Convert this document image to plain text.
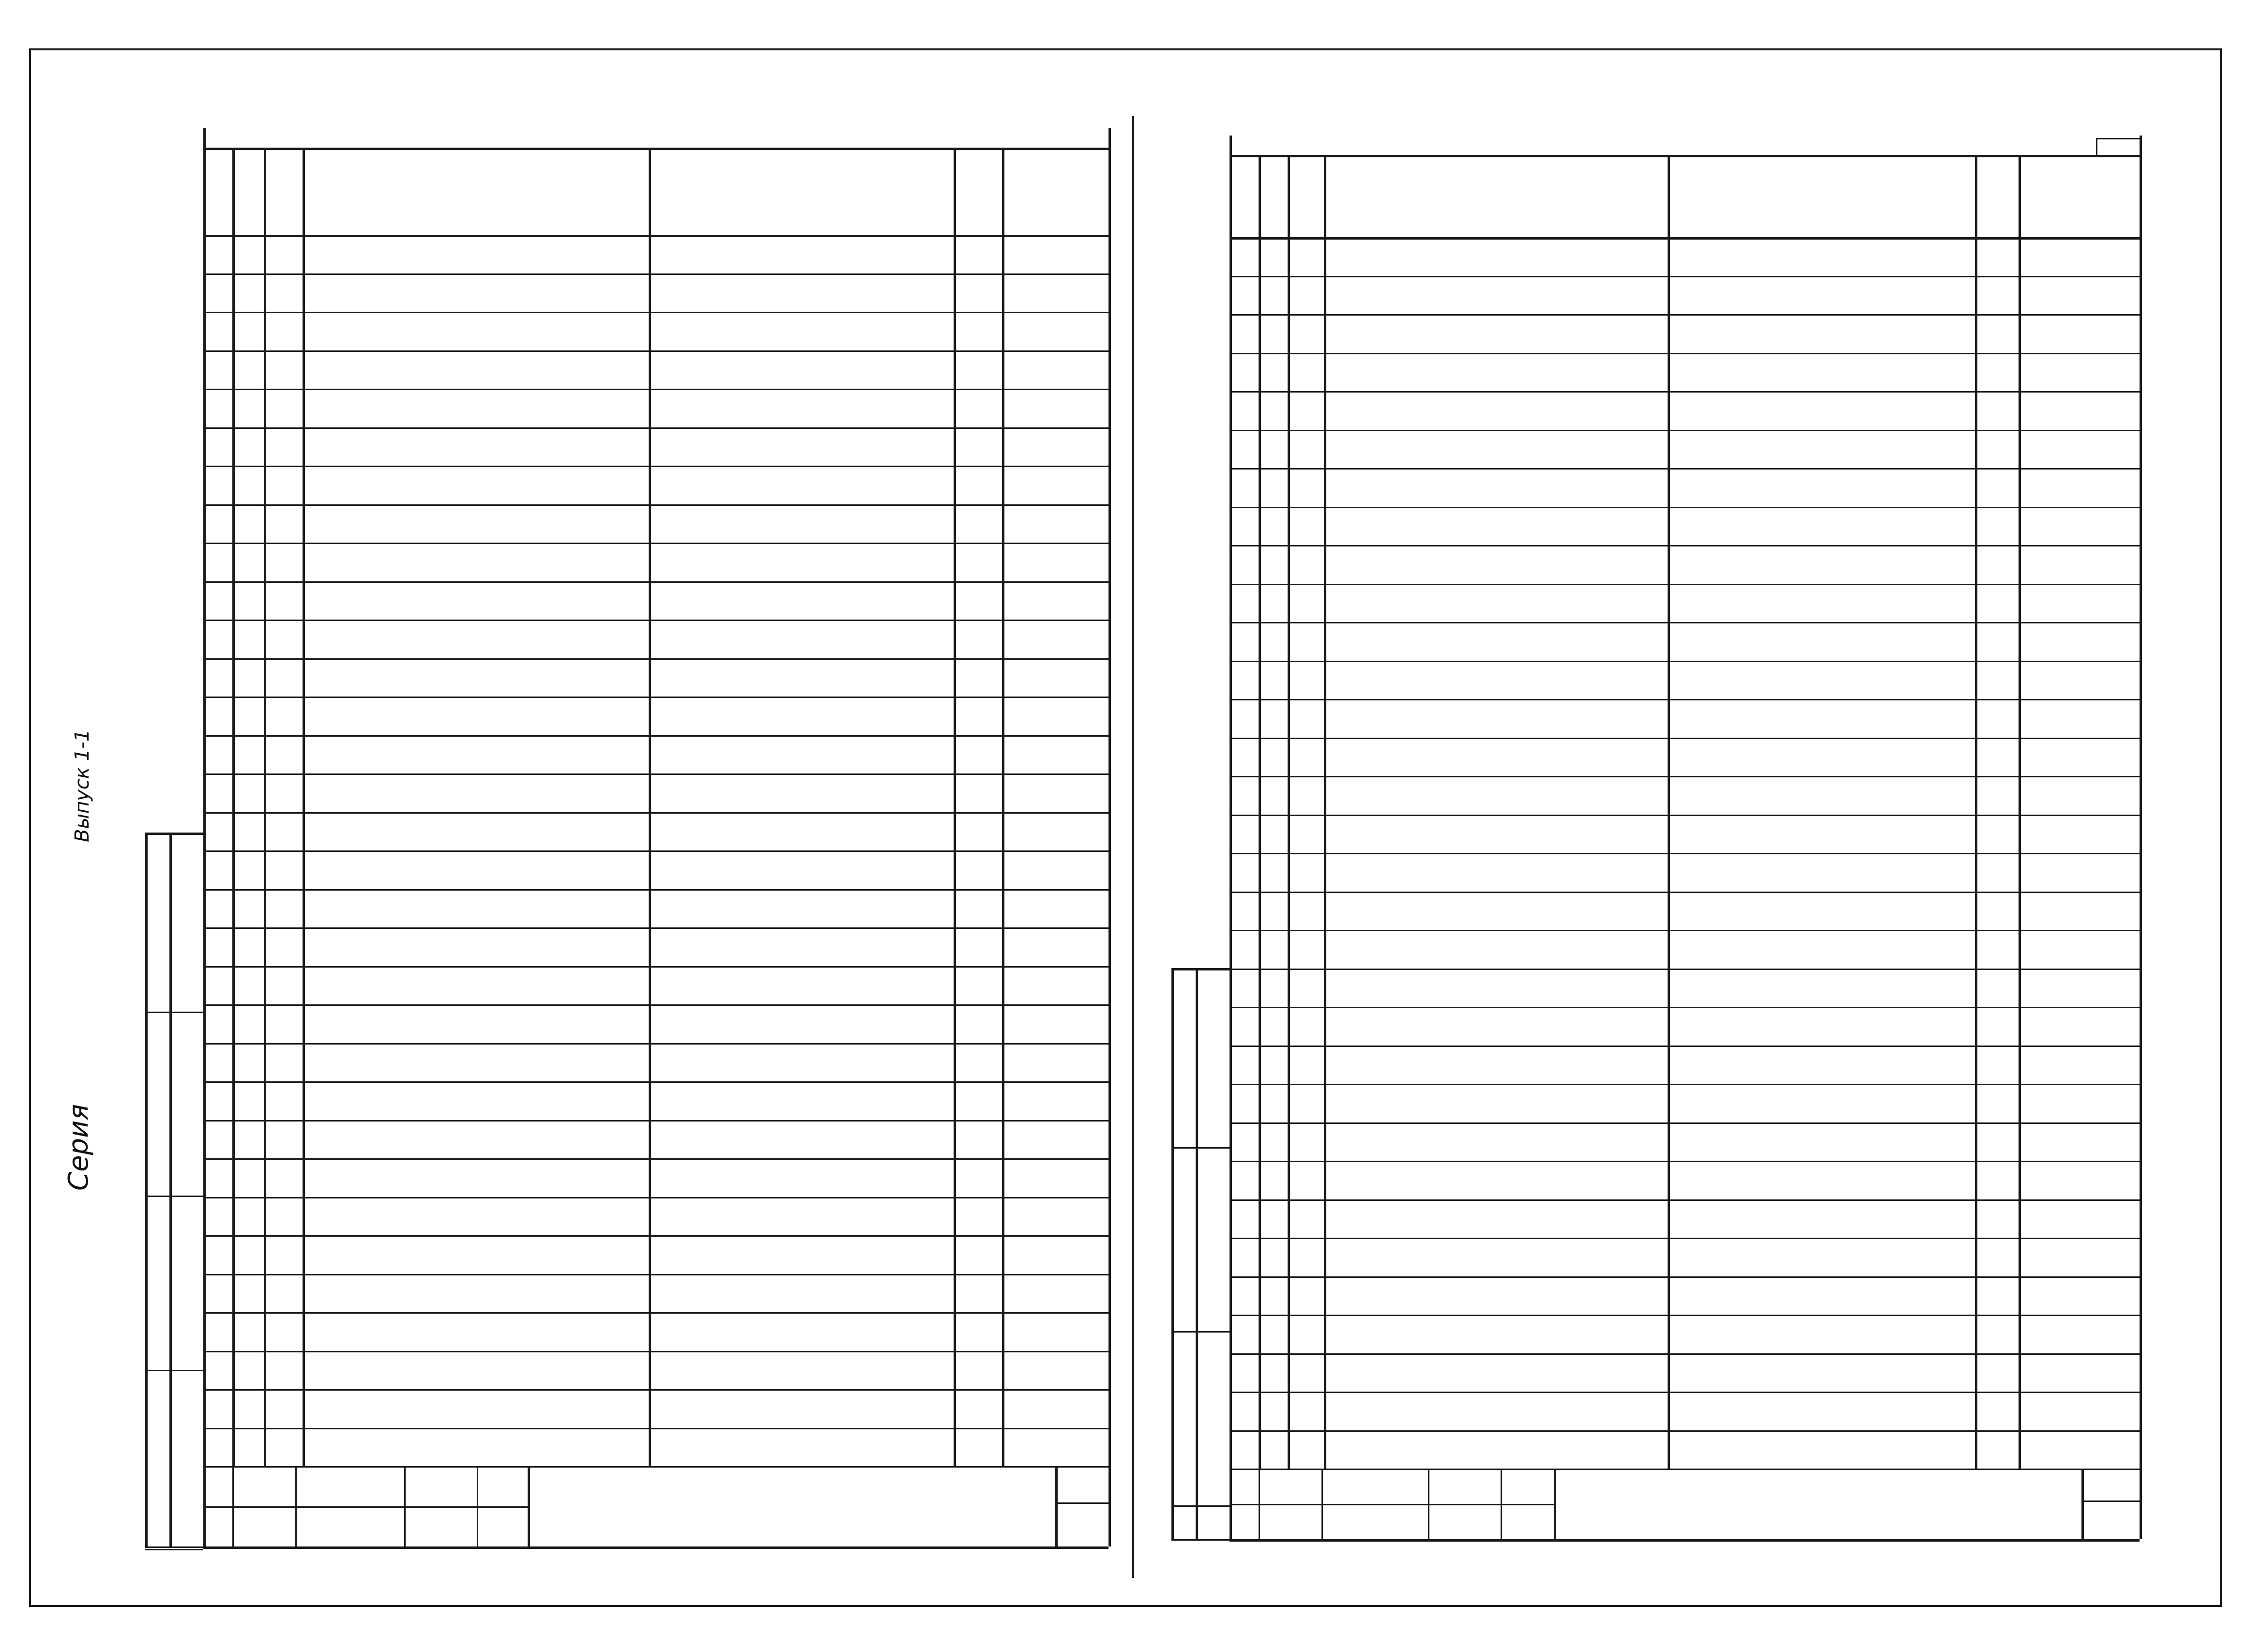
Выпуск 1-1
Серия
